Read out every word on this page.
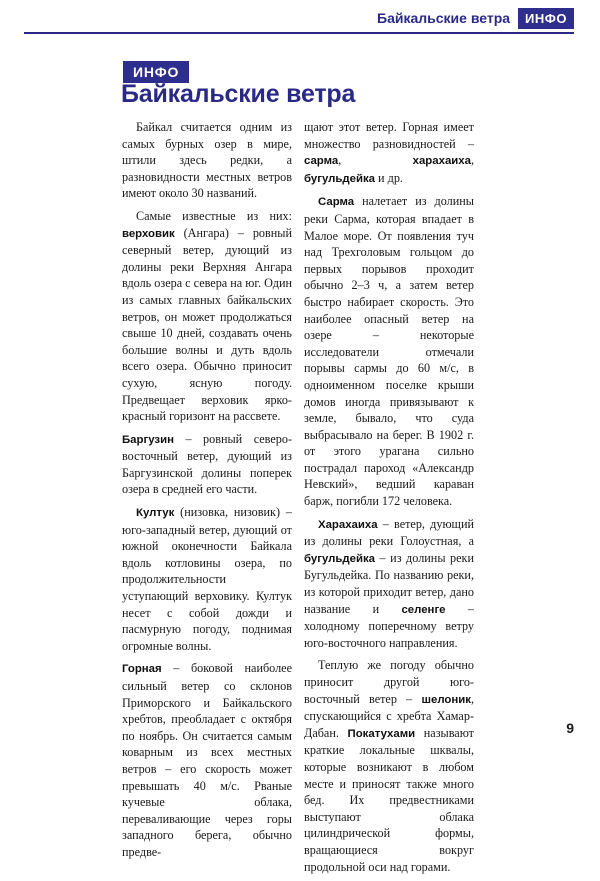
Байкальские ветра	ИНФО
ИНФО
Байкальские ветра

Байкал считается одним из самых бурных озер в мире, штили здесь редки, а разновидности местных ветров имеют около 30 названий.

Самые известные из них: верховик (Ангара) – ровный северный ветер, дующий из долины реки Верхняя Ангара вдоль озера с севера на юг. Один из самых главных байкальских ветров, он может продолжаться свыше 10 дней, создавать очень большие волны и дуть вдоль всего озера. Обычно приносит сухую, ясную погоду. Предвещает верховик ярко-красный горизонт на рассвете.

Баргузин – ровный северо-восточный ветер, дующий из Баргузинской долины поперек озера в средней его части.

Култук (низовка, низовик) – юго-западный ветер, дующий от южной оконечности Байкала вдоль котловины озера, по продолжительности уступающий верховику. Култук несет с собой дожди и пасмурную погоду, поднимая огромные волны.

Горная – боковой наиболее сильный ветер со склонов Приморского и Байкальского хребтов, преобладает с октября по ноябрь. Он считается самым коварным из всех местных ветров – его скорость может превышать 40 м/с. Рваные кучевые облака, переваливающие через горы западного берега, обычно предве-

щают этот ветер. Горная имеет множество разновидностей – сарма, харахаиха, бугульдейка и др.

Сарма налетает из долины реки Сарма, которая впадает в Малое море. От появления туч над Трехголовым гольцом до первых порывов проходит обычно 2–3 ч, а затем ветер быстро набирает скорость. Это наиболее опасный ветер на озере – некоторые исследователи отмечали порывы сармы до 60 м/с, в одноименном поселке крыши домов иногда привязывают к земле, бывало, что суда выбрасывало на берег. В 1902 г. от этого урагана сильно пострадал пароход «Александр Невский», ведший караван барж, погибли 172 человека.

Харахаиха – ветер, дующий из долины реки Голоустная, а бугульдейка – из долины реки Бугульдейка. По названию реки, из которой приходит ветер, дано название и селенге – холодному поперечному ветру юго-восточного направления.

Теплую же погоду обычно приносит другой юго-восточный ветер – шелоник, спускающийся с хребта Хамар-Дабан. Покатухами называют краткие локальные шквалы, которые возникают в любом месте и приносят также много бед. Их предвестниками выступают облака цилиндрической формы, вращающиеся вокруг продольной оси над горами.

9
